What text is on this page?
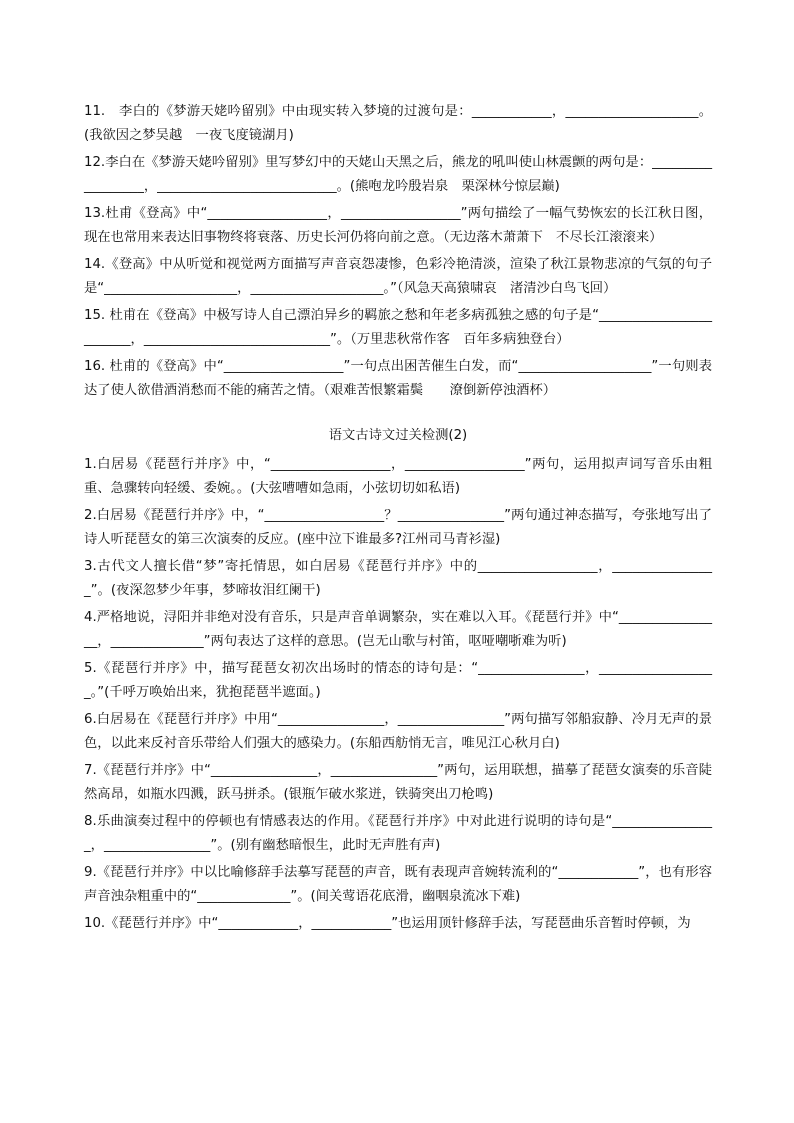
11.　李白的《梦游天姥吟留别》中由现实转入梦境的过渡句是：____________，____________________。(我欲因之梦吴越　一夜飞度镜湖月)

12.李白在《梦游天姥吟留别》里写梦幻中的天姥山天黑之后，熊龙的吼叫使山林震颤的两句是：__________________，___________________________。(熊咆龙吟殷岩泉　栗深林兮惊层巅)

13.杜甫《登高》中“__________________，__________________”两句描绘了一幅气势恢宏的长江秋日图，现在也常用来表达旧事物终将衰落、历史长河仍将向前之意。（无边落木萧萧下　不尽长江滚滚来）

14.《登高》中从听觉和视觉两方面描写声音哀怨凄惨，色彩冷艳清淡，渲染了秋江景物悲凉的气氛的句子是“____________________，____________________。”（风急天高猿啸哀　渚清沙白鸟飞回）

15. 杜甫在《登高》中极写诗人自己漂泊异乡的羁旅之愁和年老多病孤独之感的句子是“________________________，____________________________”。（万里悲秋常作客　百年多病独登台）

16. 杜甫的《登高》中“__________________”一句点出困苦催生白发，而“____________________”一句则表达了使人欲借酒消愁而不能的痛苦之情。（艰难苦恨繁霜鬓　　潦倒新停浊酒杯）

语文古诗文过关检测(2)

1.白居易《琵琶行并序》中，“__________________，__________________”两句，运用拟声词写音乐由粗重、急骤转向轻缓、委婉。。(大弦嘈嘈如急雨，小弦切切如私语)

2.白居易《琵琶行并序》中，“__________________？________________”两句通过神态描写，夸张地写出了诗人听琵琶女的第三次演奏的反应。(座中泣下谁最多?江州司马青衫湿)

3.古代文人擅长借“梦”寄托情思，如白居易《琵琶行并序》中的__________________，________________”。(夜深忽梦少年事，梦啼妆泪红阑干)

4.严格地说，浔阳并非绝对没有音乐，只是声音单调繁杂，实在难以入耳。《琵琶行并》中“________________，______________”两句表达了这样的意思。(岂无山歌与村笛，呕哑嘲哳难为听)

5.《琵琶行并序》中，描写琵琶女初次出场时的情态的诗句是：“________________，__________________。”(千呼万唤始出来，犹抱琵琶半遮面。)

6.白居易在《琵琶行并序》中用“________________，________________”两句描写邻船寂静、冷月无声的景色，以此来反衬音乐带给人们强大的感染力。(东船西舫悄无言，唯见江心秋月白)

7.《琵琶行并序》中“________________，________________”两句，运用联想，描摹了琵琶女演奏的乐音陡然高昂，如瓶水四溅，跃马拼杀。(银瓶乍破水浆迸，铁骑突出刀枪鸣)

8.乐曲演奏过程中的停顿也有情感表达的作用。《琵琶行并序》中对此进行说明的诗句是“________________，________________”。(别有幽愁暗恨生，此时无声胜有声)

9.《琵琶行并序》中以比喻修辞手法摹写琵琶的声音，既有表现声音婉转流利的“____________”，也有形容声音浊杂粗重中的“______________”。(间关莺语花底滑，幽咽泉流冰下难)

10.《琵琶行并序》中“____________，____________”也运用顶针修辞手法，写琵琶曲乐音暂时停顿，为
